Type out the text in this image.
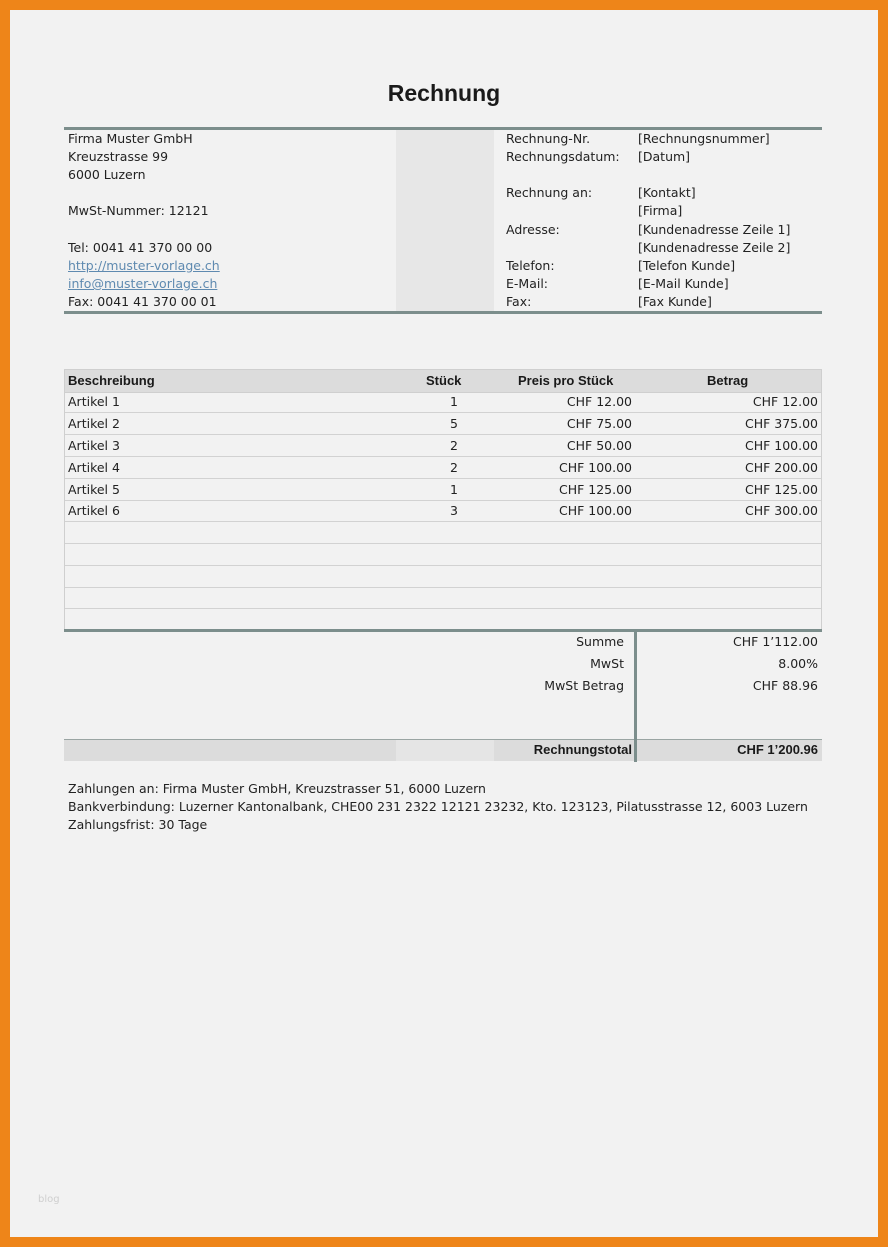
Rechnung
Firma Muster GmbH
Kreuzstrasse 99
6000 Luzern
MwSt-Nummer: 12121
Tel: 0041 41 370 00 00
http://muster-vorlage.ch
info@muster-vorlage.ch
Fax: 0041 41 370 00 01
Rechnung-Nr.	[Rechnungsnummer]
Rechnungsdatum: [Datum]
Rechnung an:	[Kontakt]
[Firma]
Adresse:	[Kundenadresse Zeile 1]
[Kundenadresse Zeile 2]
Telefon:	[Telefon Kunde]
E-Mail:	[E-Mail Kunde]
Fax:	[Fax Kunde]
Beschreibung	Stück	Preis pro Stück	Betrag
Artikel 1	1	CHF 12.00	CHF 12.00
Artikel 2	5	CHF 75.00	CHF 375.00
Artikel 3	2	CHF 50.00	CHF 100.00
Artikel 4	2	CHF 100.00	CHF 200.00
Artikel 5	1	CHF 125.00	CHF 125.00
Artikel 6	3	CHF 100.00	CHF 300.00
Summe	CHF 1’112.00
MwSt	8.00%
MwSt Betrag	CHF 88.96
Rechnungstotal	CHF 1’200.96
Zahlungen an: Firma Muster GmbH, Kreuzstrasser 51, 6000 Luzern
Bankverbindung: Luzerner Kantonalbank, CHE00 231 2322 12121 23232, Kto. 123123, Pilatusstrasse 12, 6003 Luzern
Zahlungsfrist: 30 Tage
blog
